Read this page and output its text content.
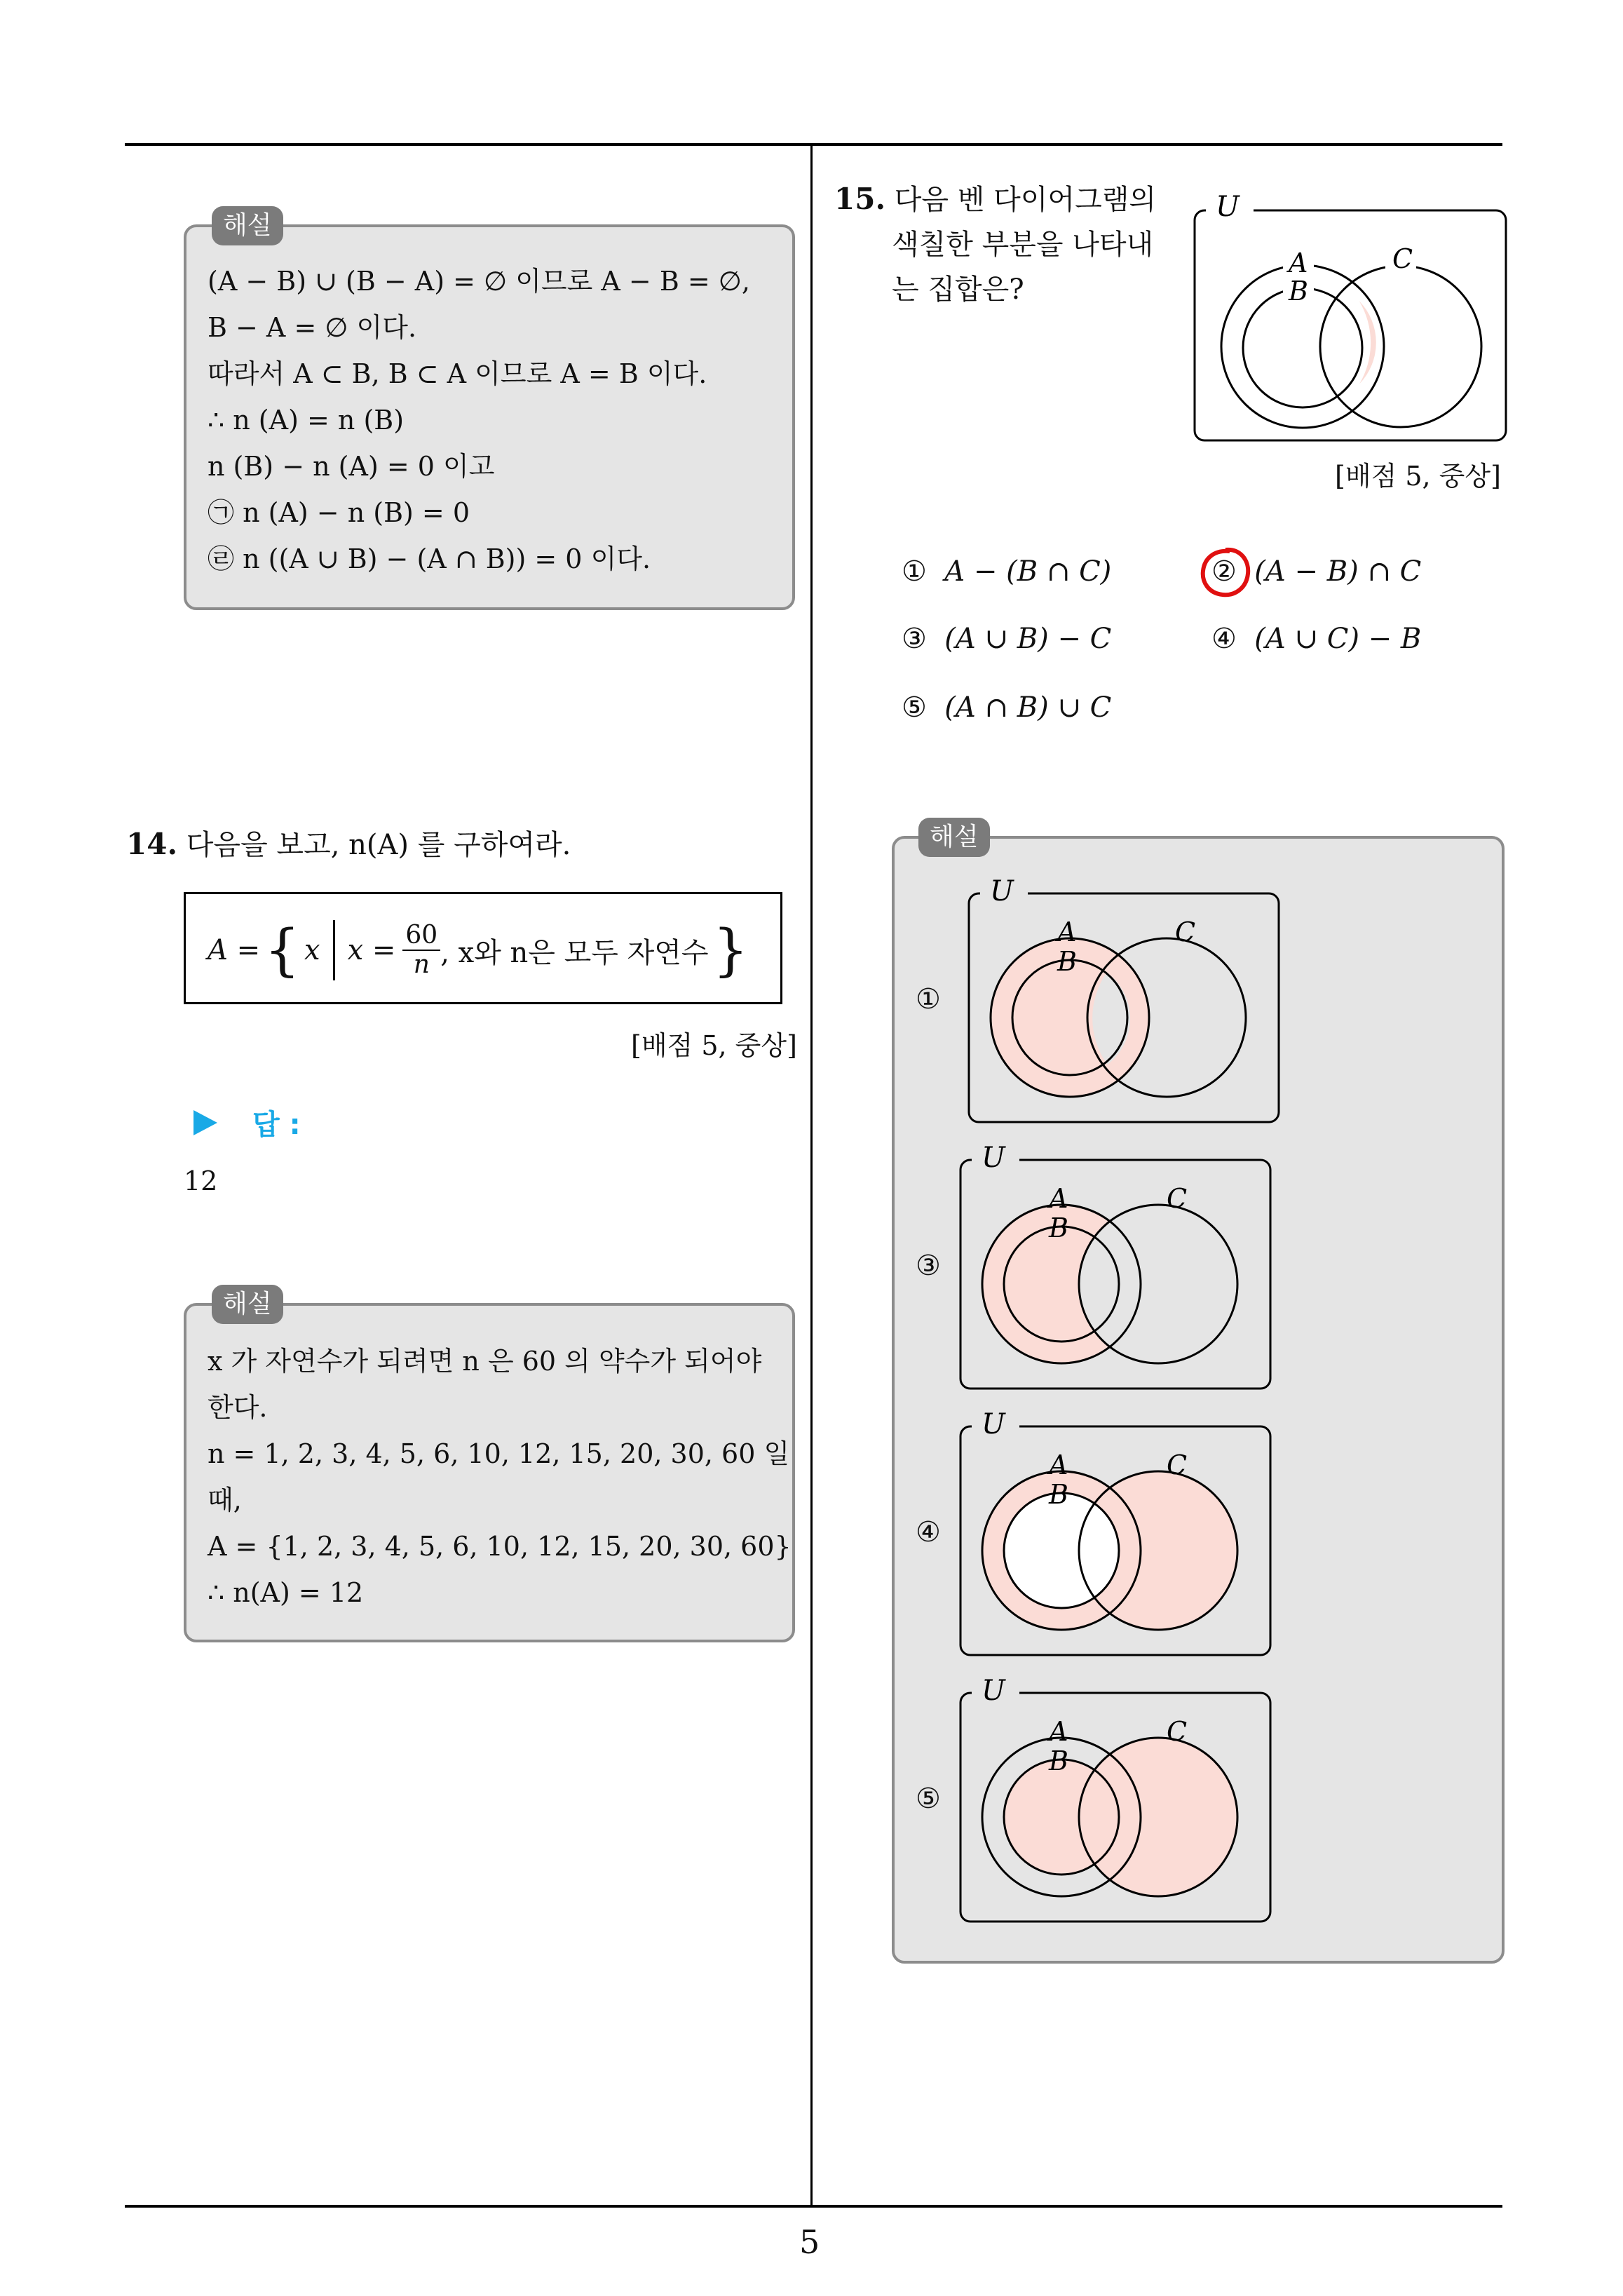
5
해설
(A − B) ∪ (B − A) = ∅ 이므로 A − B = ∅,
B − A = ∅ 이다.
따라서 A ⊂ B, B ⊂ A 이므로 A = B 이다.
∴ n (A) = n (B)
n (B) − n (A) = 0 이고
㉠ n (A) − n (B) = 0
㉣ n ((A ∪ B) − (A ∩ B)) = 0 이다.
14. 다음을 보고, n(A) 를 구하여라.
A = { x $x = \frac{60}{n}$ , x와 n은 모두 자연수 }
[배점 5, 중상]
답 :
12
해설
x 가 자연수가 되려면 n 은 60 의 약수가 되어야
한다.
n = 1, 2, 3, 4, 5, 6, 10, 12, 15, 20, 30, 60 일
때,
A = {1, 2, 3, 4, 5, 6, 10, 12, 15, 20, 30, 60}
∴ n(A) = 12
15. 다음 벤 다이어그램의
색칠한 부분을 나타내
는 집합은?
U
A
B
C
[배점 5, 중상]
① A − (B ∩ C)	② (A − B) ∩ C
③ (A ∪ B) − C	④ (A ∪ C) − B
⑤ (A ∩ B) ∪ C
해설
①
U
A
B
C
③
U
A
B
C
④
U
A
B
C
⑤
U
A
B
C
